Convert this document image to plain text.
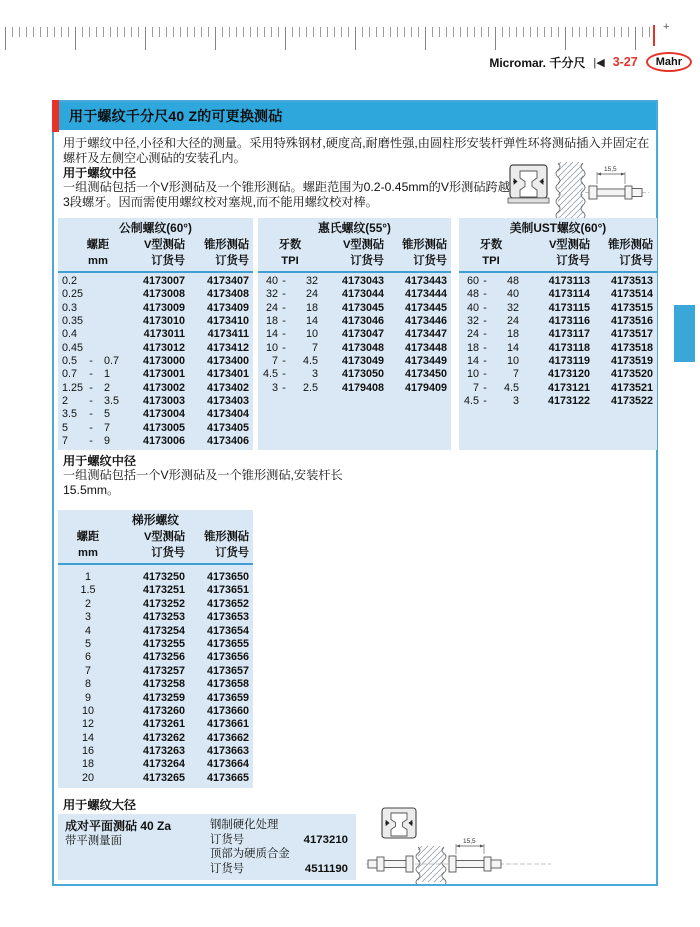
+
Micromar. 千分尺 |◀ 3-27	Mahr
用于螺纹千分尺40 Z的可更换测砧
用于螺纹中径,小径和大径的测量。采用特殊钢材,硬度高,耐磨性强,由圆柱形安装杆弹性环将测砧插入并固定在螺杆及左侧空心测砧的安装孔内。
用于螺纹中径
一组测砧包括一个V形测砧及一个锥形测砧。螺距范围为0.2-0.45mm的V形测砧跨越3段螺牙。因而需使用螺纹校对塞规,而不能用螺纹校对棒。
15,5
公制螺纹(60°)
螺距	V型测砧	锥形测砧
mm	订货号	订货号
0.2	4173007	4173407
0.25	4173008	4173408
0.3	4173009	4173409
0.35	4173010	4173410
0.4	4173011	4173411
0.45	4173012	4173412
0.5	-	0.7	4173000	4173400
0.7	-	1	4173001	4173401
1.25 -	2	4173002	4173402
2	-	3.5	4173003	4173403
3.5	-	5	4173004	4173404
5	-	7	4173005	4173405
7	-	9	4173006	4173406
惠氏螺纹(55°)
牙数	V型测砧	锥形测砧
TPI	订货号	订货号
40 -	32	4173043	4173443
32 -	24	4173044	4173444
24 -	18	4173045	4173445
18 -	14	4173046	4173446
14 -	10	4173047	4173447
10 -	7	4173048	4173448
7 -	4.5	4173049	4173449
4.5 -	3	4173050	4173450
3 -	2.5	4179408	4179409
美制UST螺纹(60°)
牙数	V型测砧	锥形测砧
TPI	订货号	订货号
60 -	48	4173113	4173513
48 -	40	4173114	4173514
40 -	32	4173115	4173515
32 -	24	4173116	4173516
24 -	18	4173117	4173517
18 -	14	4173118	4173518
14 -	10	4173119	4173519
10 -	7	4173120	4173520
7 -	4.5	4173121	4173521
4.5 -	3	4173122	4173522
用于螺纹中径
一组测砧包括一个V形测砧及一个锥形测砧,安装杆长15.5mm。
梯形螺纹
螺距	V型测砧	锥形测砧
mm	订货号	订货号
1	4173250	4173650
1.5	4173251	4173651
2	4173252	4173652
3	4173253	4173653
4	4173254	4173654
5	4173255	4173655
6	4173256	4173656
7	4173257	4173657
8	4173258	4173658
9	4173259	4173659
10	4173260	4173660
12	4173261	4173661
14	4173262	4173662
16	4173263	4173663
18	4173264	4173664
20	4173265	4173665
用于螺纹大径
成对平面测砧 40 Za
带平测量面
钢制硬化处理
订货号	4173210
顶部为硬质合金
订货号	4511190
15,5
